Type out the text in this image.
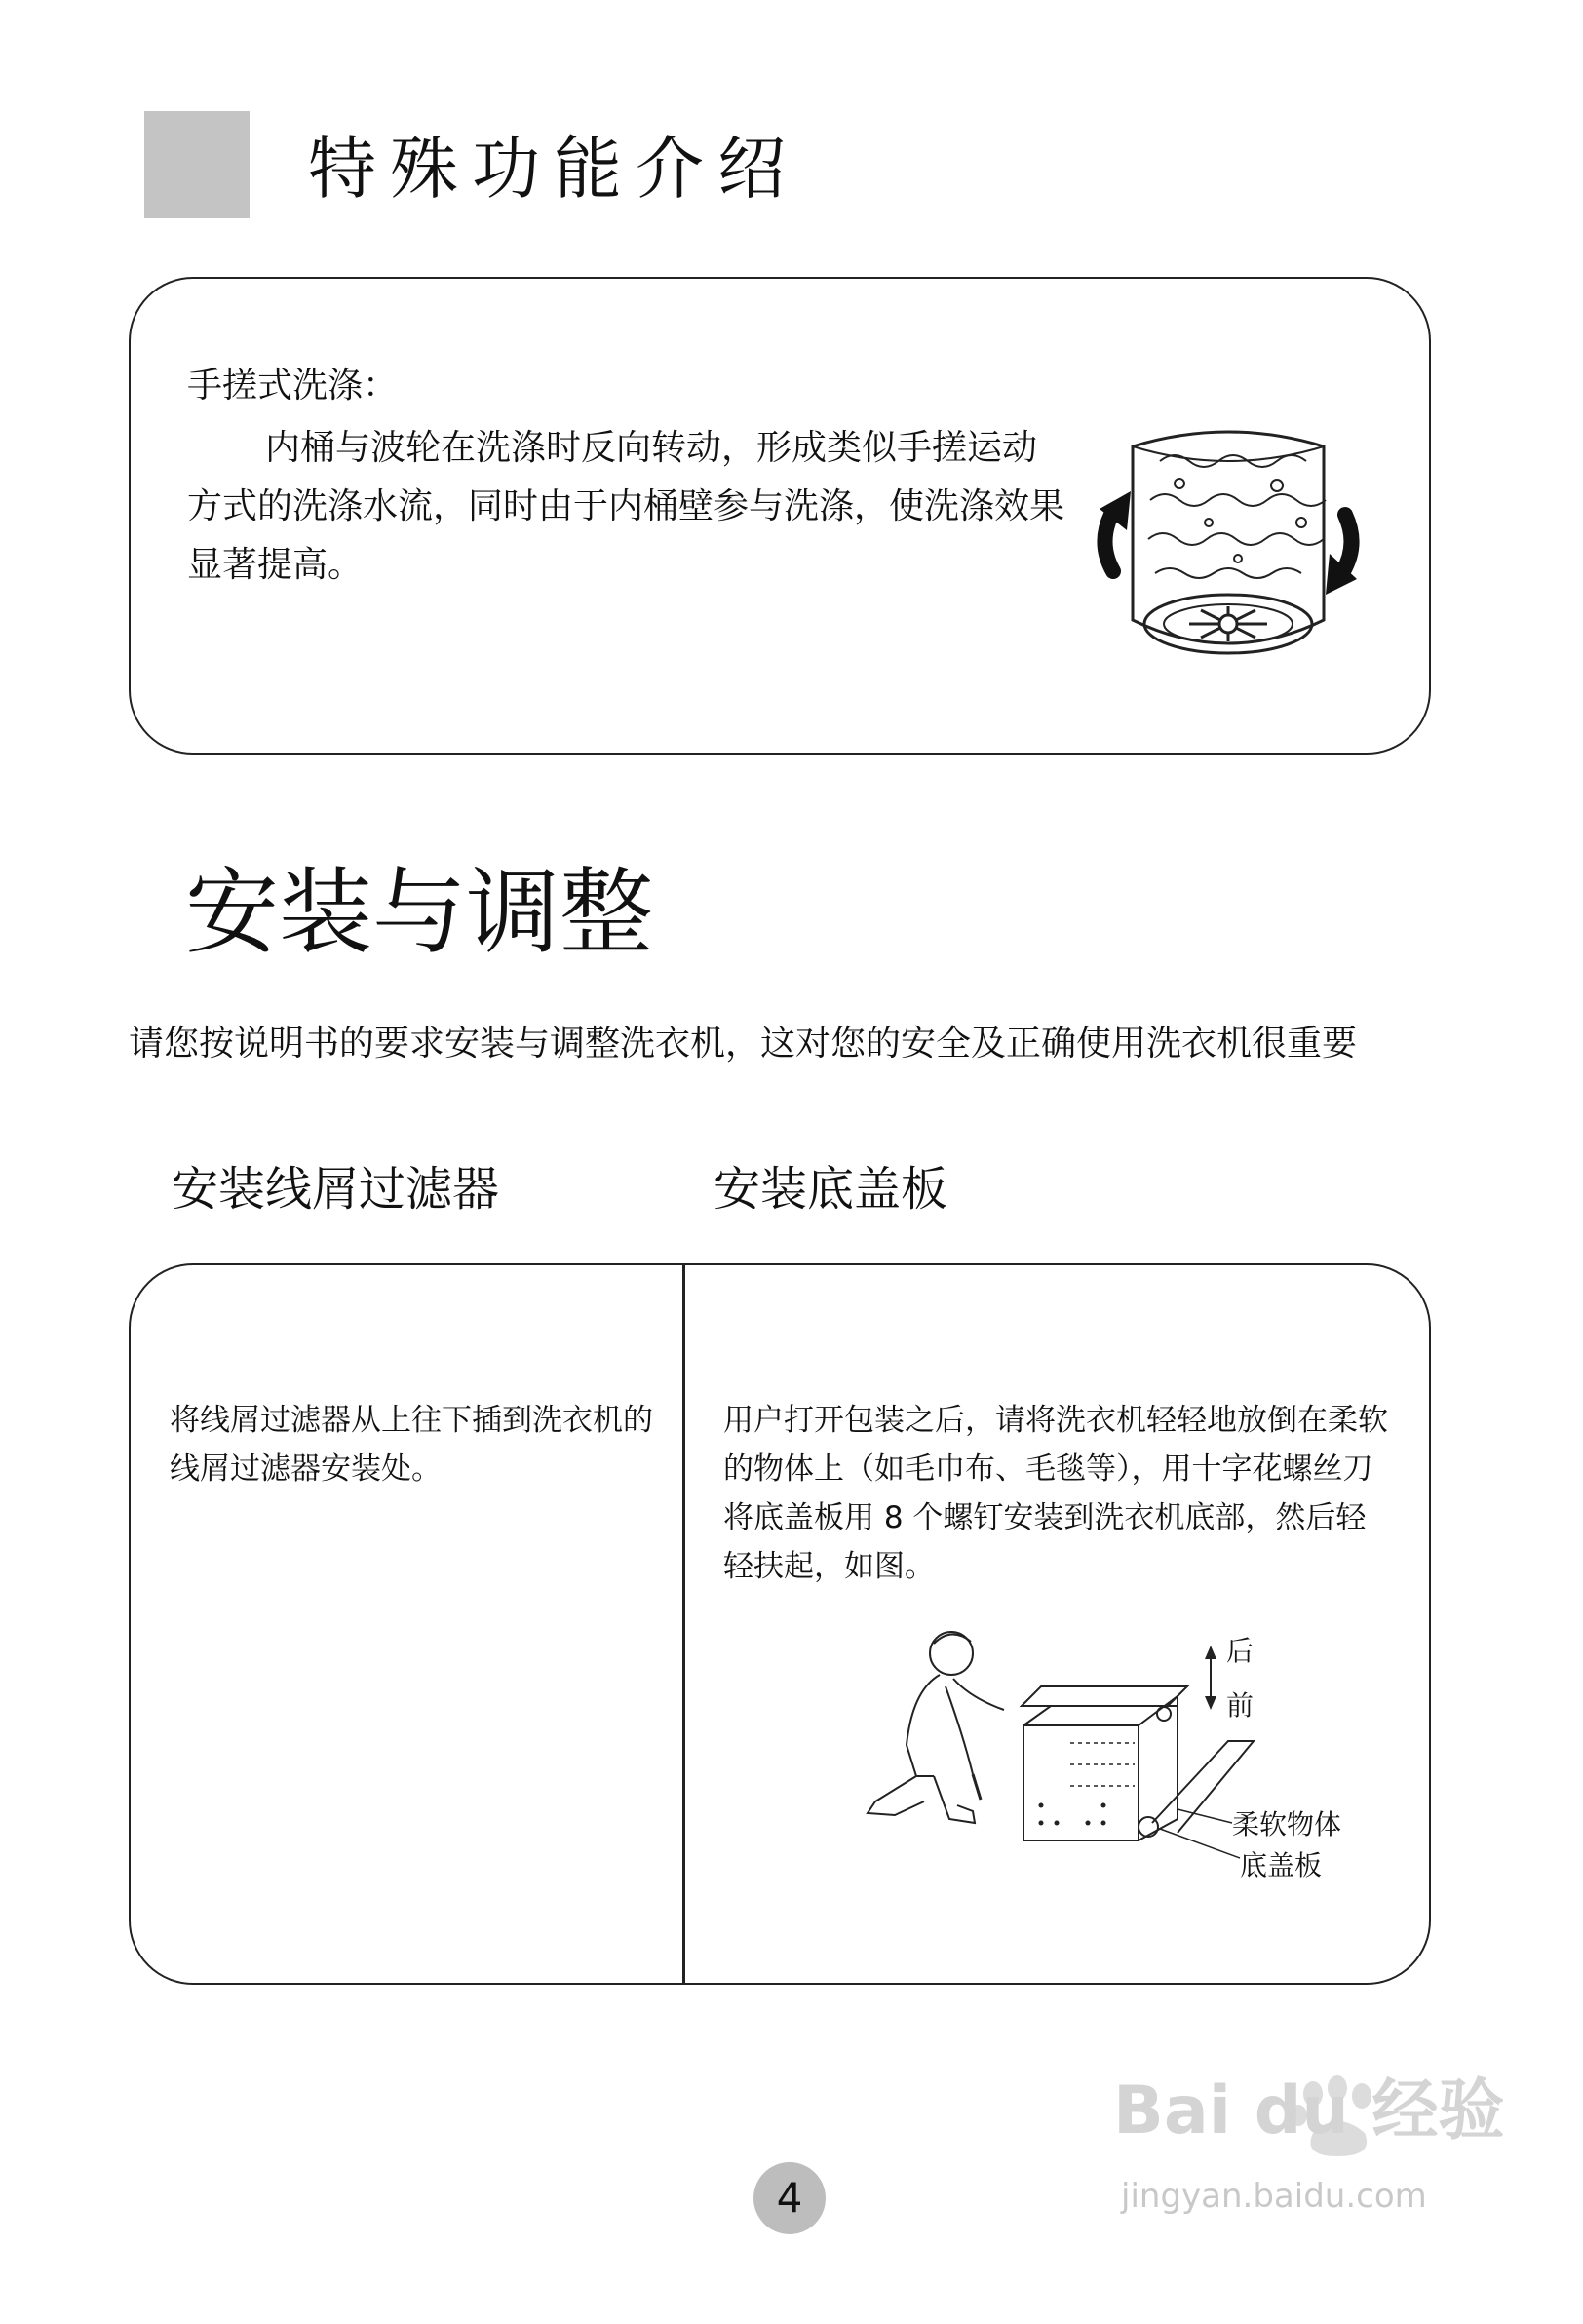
特殊功能介绍
手搓式洗涤：
内桶与波轮在洗涤时反向转动，形成类似手搓运动方式的洗涤水流，同时由于内桶壁参与洗涤，使洗涤效果显著提高。
安装与调整
请您按说明书的要求安装与调整洗衣机，这对您的安全及正确使用洗衣机很重要
安装线屑过滤器	安装底盖板
将线屑过滤器从上往下插到洗衣机的线屑过滤器安装处。
用户打开包装之后，请将洗衣机轻轻地放倒在柔软的物体上（如毛巾布、毛毯等），用十字花螺丝刀将底盖板用 8 个螺钉安装到洗衣机底部，然后轻轻扶起，如图。
后
前
柔软物体
底盖板
4
Bai du 经验
jingyan.baidu.com
